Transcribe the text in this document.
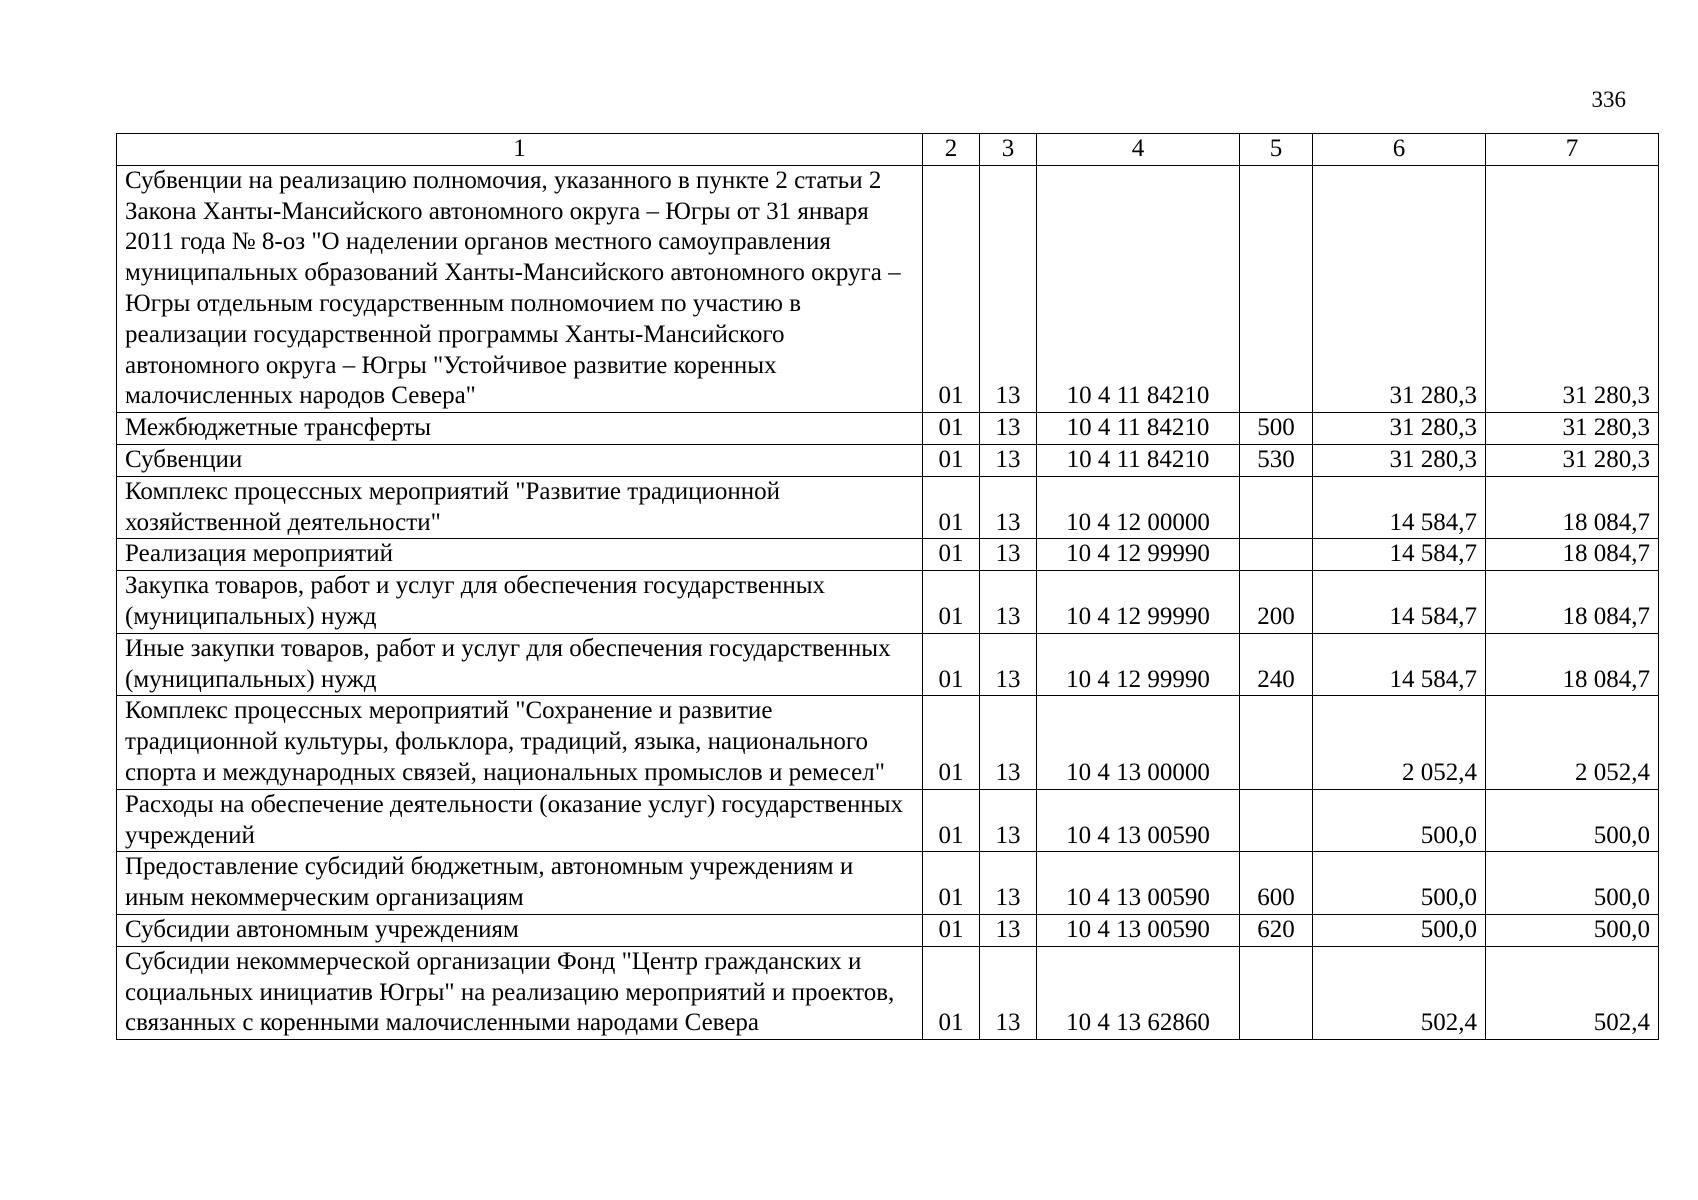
336
1	2	3	4	5	6	7
Субвенции на реализацию полномочия, указанного в пункте 2 статьи 2 Закона Ханты-Мансийского автономного округа – Югры от 31 января 2011 года № 8-оз "О наделении органов местного самоуправления муниципальных образований Ханты-Мансийского автономного округа – Югры отдельным государственным полномочием по участию в реализации государственной программы Ханты-Мансийского автономного округа – Югры "Устойчивое развитие коренных малочисленных народов Севера"	01	13	10 4 11 84210		31 280,3	31 280,3
Межбюджетные трансферты	01	13	10 4 11 84210	500	31 280,3	31 280,3
Субвенции	01	13	10 4 11 84210	530	31 280,3	31 280,3
Комплекс процессных мероприятий "Развитие традиционной хозяйственной деятельности"	01	13	10 4 12 00000		14 584,7	18 084,7
Реализация мероприятий	01	13	10 4 12 99990		14 584,7	18 084,7
Закупка товаров, работ и услуг для обеспечения государственных (муниципальных) нужд	01	13	10 4 12 99990	200	14 584,7	18 084,7
Иные закупки товаров, работ и услуг для обеспечения государственных (муниципальных) нужд	01	13	10 4 12 99990	240	14 584,7	18 084,7
Комплекс процессных мероприятий "Сохранение и развитие традиционной культуры, фольклора, традиций, языка, национального спорта и международных связей, национальных промыслов и ремесел"	01	13	10 4 13 00000		2 052,4	2 052,4
Расходы на обеспечение деятельности (оказание услуг) государственных учреждений	01	13	10 4 13 00590		500,0	500,0
Предоставление субсидий бюджетным, автономным учреждениям и иным некоммерческим организациям	01	13	10 4 13 00590	600	500,0	500,0
Субсидии автономным учреждениям	01	13	10 4 13 00590	620	500,0	500,0
Субсидии некоммерческой организации Фонд "Центр гражданских и социальных инициатив Югры" на реализацию мероприятий и проектов, связанных с коренными малочисленными народами Севера	01	13	10 4 13 62860		502,4	502,4
